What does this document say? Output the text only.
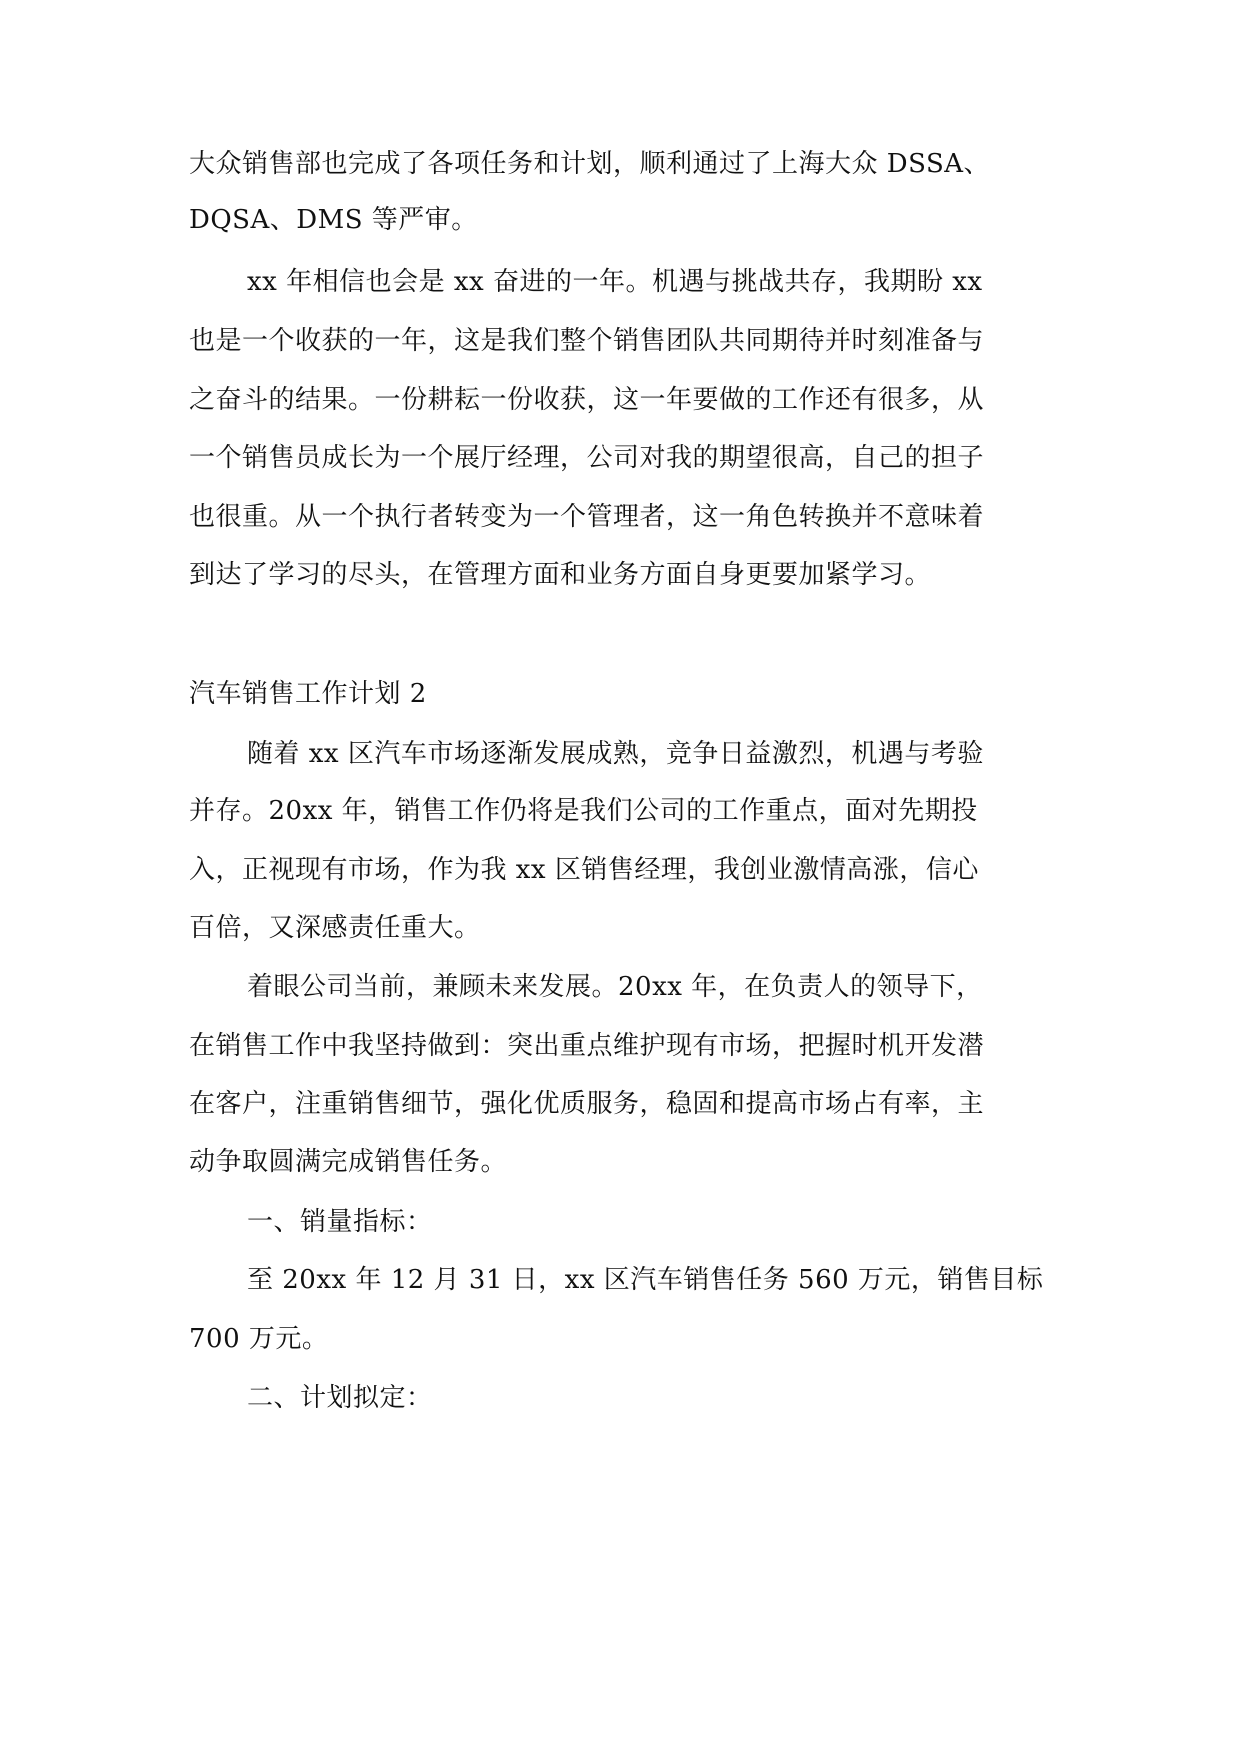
大众销售部也完成了各项任务和计划，顺利通过了上海大众 DSSA、
DQSA、DMS 等严审。
xx 年相信也会是 xx 奋进的一年。机遇与挑战共存，我期盼 xx
也是一个收获的一年，这是我们整个销售团队共同期待并时刻准备与
之奋斗的结果。一份耕耘一份收获，这一年要做的工作还有很多，从
一个销售员成长为一个展厅经理，公司对我的期望很高，自己的担子
也很重。从一个执行者转变为一个管理者，这一角色转换并不意味着
到达了学习的尽头，在管理方面和业务方面自身更要加紧学习。
汽车销售工作计划 2
随着 xx 区汽车市场逐渐发展成熟，竞争日益激烈，机遇与考验
并存。20xx 年，销售工作仍将是我们公司的工作重点，面对先期投
入，正视现有市场，作为我 xx 区销售经理，我创业激情高涨，信心
百倍，又深感责任重大。
着眼公司当前，兼顾未来发展。20xx 年，在负责人的领导下，
在销售工作中我坚持做到：突出重点维护现有市场，把握时机开发潜
在客户，注重销售细节，强化优质服务，稳固和提高市场占有率，主
动争取圆满完成销售任务。
一、销量指标：
至 20xx 年 12 月 31 日，xx 区汽车销售任务 560 万元，销售目标
700 万元。
二、计划拟定：
